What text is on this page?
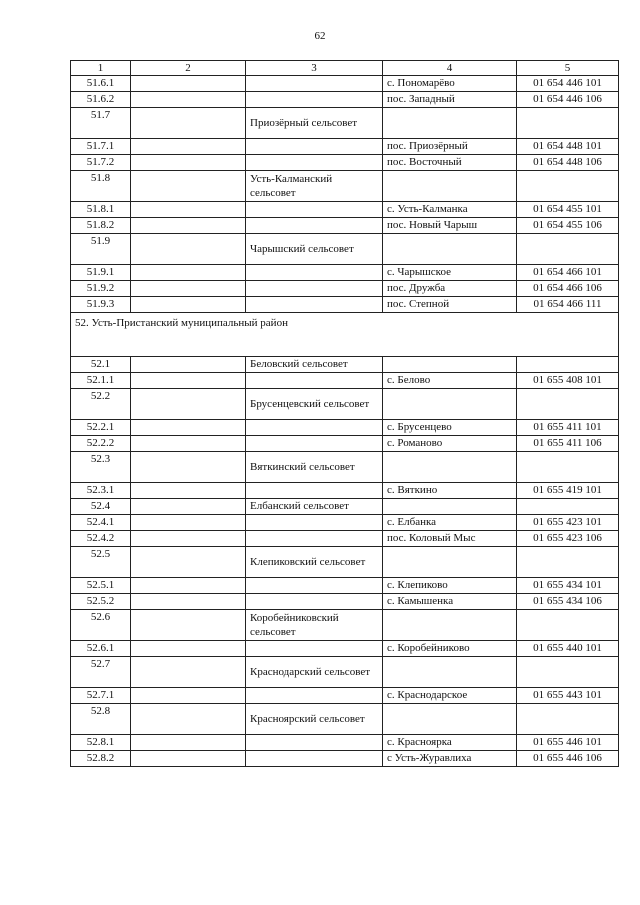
62
1	2	3	4	5
51.6.1			с. Пономарёво	01 654 446 101
51.6.2			пос. Западный	01 654 446 106
51.7		Приозёрный сельсовет		
51.7.1			пос. Приозёрный	01 654 448 101
51.7.2			пос. Восточный	01 654 448 106
51.8		Усть-Калманский сельсовет		
51.8.1			с. Усть-Калманка	01 654 455 101
51.8.2			пос. Новый Чарыш	01 654 455 106
51.9		Чарышский сельсовет		
51.9.1			с. Чарышское	01 654 466 101
51.9.2			пос. Дружба	01 654 466 106
51.9.3			пос. Степной	01 654 466 111
52. Усть-Пристанский муниципальный район				
52.1		Беловский сельсовет		
52.1.1			с. Белово	01 655 408 101
52.2		Брусенцевский сельсовет		
52.2.1			с. Брусенцево	01 655 411 101
52.2.2			с. Романово	01 655 411 106
52.3		Вяткинский сельсовет		
52.3.1			с. Вяткино	01 655 419 101
52.4		Елбанский сельсовет		
52.4.1			с. Елбанка	01 655 423 101
52.4.2			пос. Коловый Мыс	01 655 423 106
52.5		Клепиковский сельсовет		
52.5.1			с. Клепиково	01 655 434 101
52.5.2			с. Камышенка	01 655 434 106
52.6		Коробейниковский сельсовет		
52.6.1			с. Коробейниково	01 655 440 101
52.7		Краснодарский сельсовет		
52.7.1			с. Краснодарское	01 655 443 101
52.8		Красноярский сельсовет		
52.8.1			с. Красноярка	01 655 446 101
52.8.2			с Усть-Журавлиха	01 655 446 106
